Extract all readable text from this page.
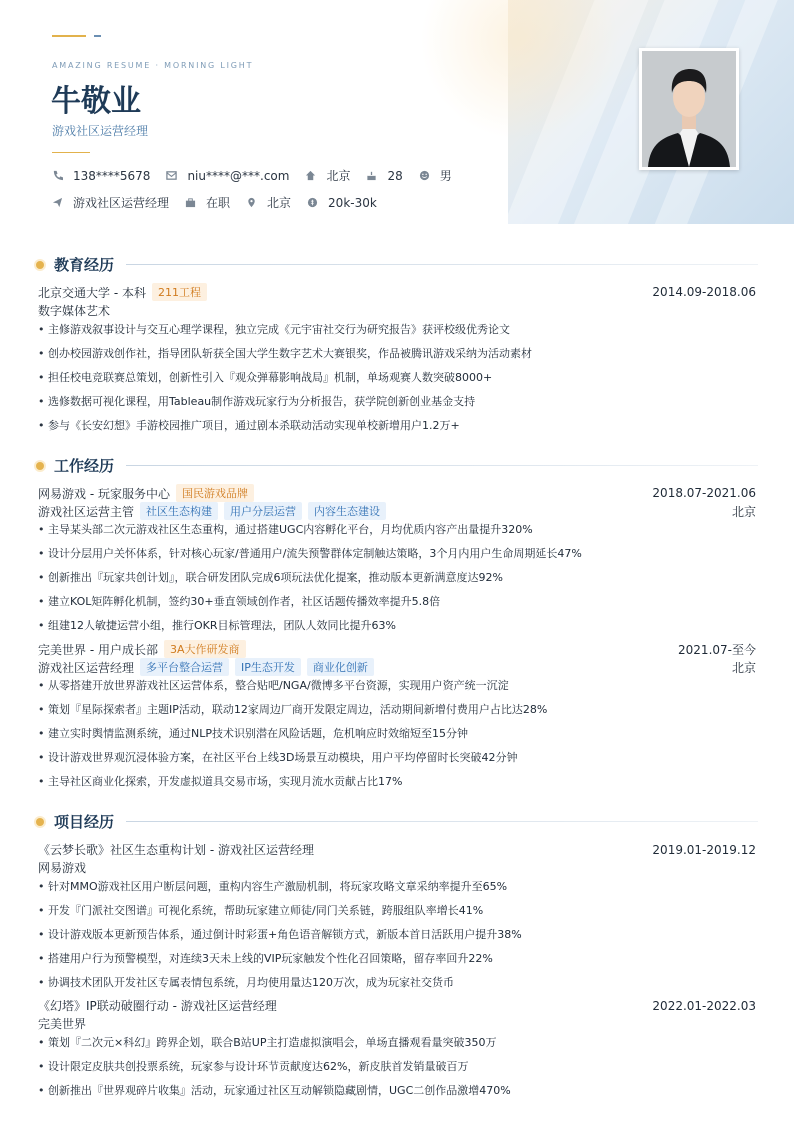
AMAZING RESUME · MORNING LIGHT
牛敬业
游戏社区运营经理
138****5678	niu****@***.com	北京	28	男
游戏社区运营经理	在职	北京	20k-30k
教育经历
北京交通大学 - 本科	211工程	2014.09-2018.06
数字媒体艺术
• 主修游戏叙事设计与交互心理学课程，独立完成《元宇宙社交行为研究报告》获评校级优秀论文
• 创办校园游戏创作社，指导团队斩获全国大学生数字艺术大赛银奖，作品被腾讯游戏采纳为活动素材
• 担任校电竞联赛总策划，创新性引入『观众弹幕影响战局』机制，单场观赛人数突破8000+
• 选修数据可视化课程，用Tableau制作游戏玩家行为分析报告，获学院创新创业基金支持
• 参与《长安幻想》手游校园推广项目，通过剧本杀联动活动实现单校新增用户1.2万+
工作经历
网易游戏 - 玩家服务中心	国民游戏品牌	2018.07-2021.06
游戏社区运营主管	社区生态构建	用户分层运营	内容生态建设	北京
• 主导某头部二次元游戏社区生态重构，通过搭建UGC内容孵化平台，月均优质内容产出量提升320%
• 设计分层用户关怀体系，针对核心玩家/普通用户/流失预警群体定制触达策略，3个月内用户生命周期延长47%
• 创新推出『玩家共创计划』，联合研发团队完成6项玩法优化提案，推动版本更新满意度达92%
• 建立KOL矩阵孵化机制，签约30+垂直领域创作者，社区话题传播效率提升5.8倍
• 组建12人敏捷运营小组，推行OKR目标管理法，团队人效同比提升63%
完美世界 - 用户成长部	3A大作研发商	2021.07-至今
游戏社区运营经理	多平台整合运营	IP生态开发	商业化创新	北京
• 从零搭建开放世界游戏社区运营体系，整合贴吧/NGA/微博多平台资源，实现用户资产统一沉淀
• 策划『星际探索者』主题IP活动，联动12家周边厂商开发限定周边，活动期间新增付费用户占比达28%
• 建立实时舆情监测系统，通过NLP技术识别潜在风险话题，危机响应时效缩短至15分钟
• 设计游戏世界观沉浸体验方案，在社区平台上线3D场景互动模块，用户平均停留时长突破42分钟
• 主导社区商业化探索，开发虚拟道具交易市场，实现月流水贡献占比17%
项目经历
《云梦长歌》社区生态重构计划 - 游戏社区运营经理	2019.01-2019.12
网易游戏
• 针对MMO游戏社区用户断层问题，重构内容生产激励机制，将玩家攻略文章采纳率提升至65%
• 开发『门派社交图谱』可视化系统，帮助玩家建立师徒/同门关系链，跨服组队率增长41%
• 设计游戏版本更新预告体系，通过倒计时彩蛋+角色语音解锁方式，新版本首日活跃用户提升38%
• 搭建用户行为预警模型，对连续3天未上线的VIP玩家触发个性化召回策略，留存率回升22%
• 协调技术团队开发社区专属表情包系统，月均使用量达120万次，成为玩家社交货币
《幻塔》IP联动破圈行动 - 游戏社区运营经理	2022.01-2022.03
完美世界
• 策划『二次元×科幻』跨界企划，联合B站UP主打造虚拟演唱会，单场直播观看量突破350万
• 设计限定皮肤共创投票系统，玩家参与设计环节贡献度达62%，新皮肤首发销量破百万
• 创新推出『世界观碎片收集』活动，玩家通过社区互动解锁隐藏剧情，UGC二创作品激增470%
